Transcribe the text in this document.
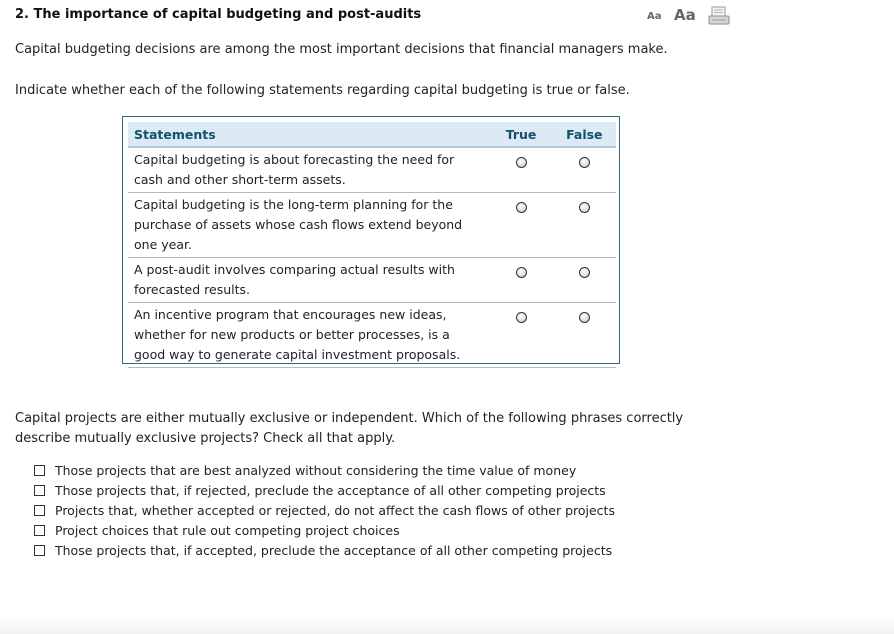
2. The importance of capital budgeting and post-audits	Aa Aa
Capital budgeting decisions are among the most important decisions that financial managers make.
Indicate whether each of the following statements regarding capital budgeting is true or false.
Statements	True	False
Capital budgeting is about forecasting the need for cash and other short-term assets.		
Capital budgeting is the long-term planning for the purchase of assets whose cash flows extend beyond one year.		
A post-audit involves comparing actual results with forecasted results.		
An incentive program that encourages new ideas, whether for new products or better processes, is a good way to generate capital investment proposals.		
Capital projects are either mutually exclusive or independent. Which of the following phrases correctly describe mutually exclusive projects? Check all that apply.
Those projects that are best analyzed without considering the time value of money
Those projects that, if rejected, preclude the acceptance of all other competing projects
Projects that, whether accepted or rejected, do not affect the cash flows of other projects
Project choices that rule out competing project choices
Those projects that, if accepted, preclude the acceptance of all other competing projects
